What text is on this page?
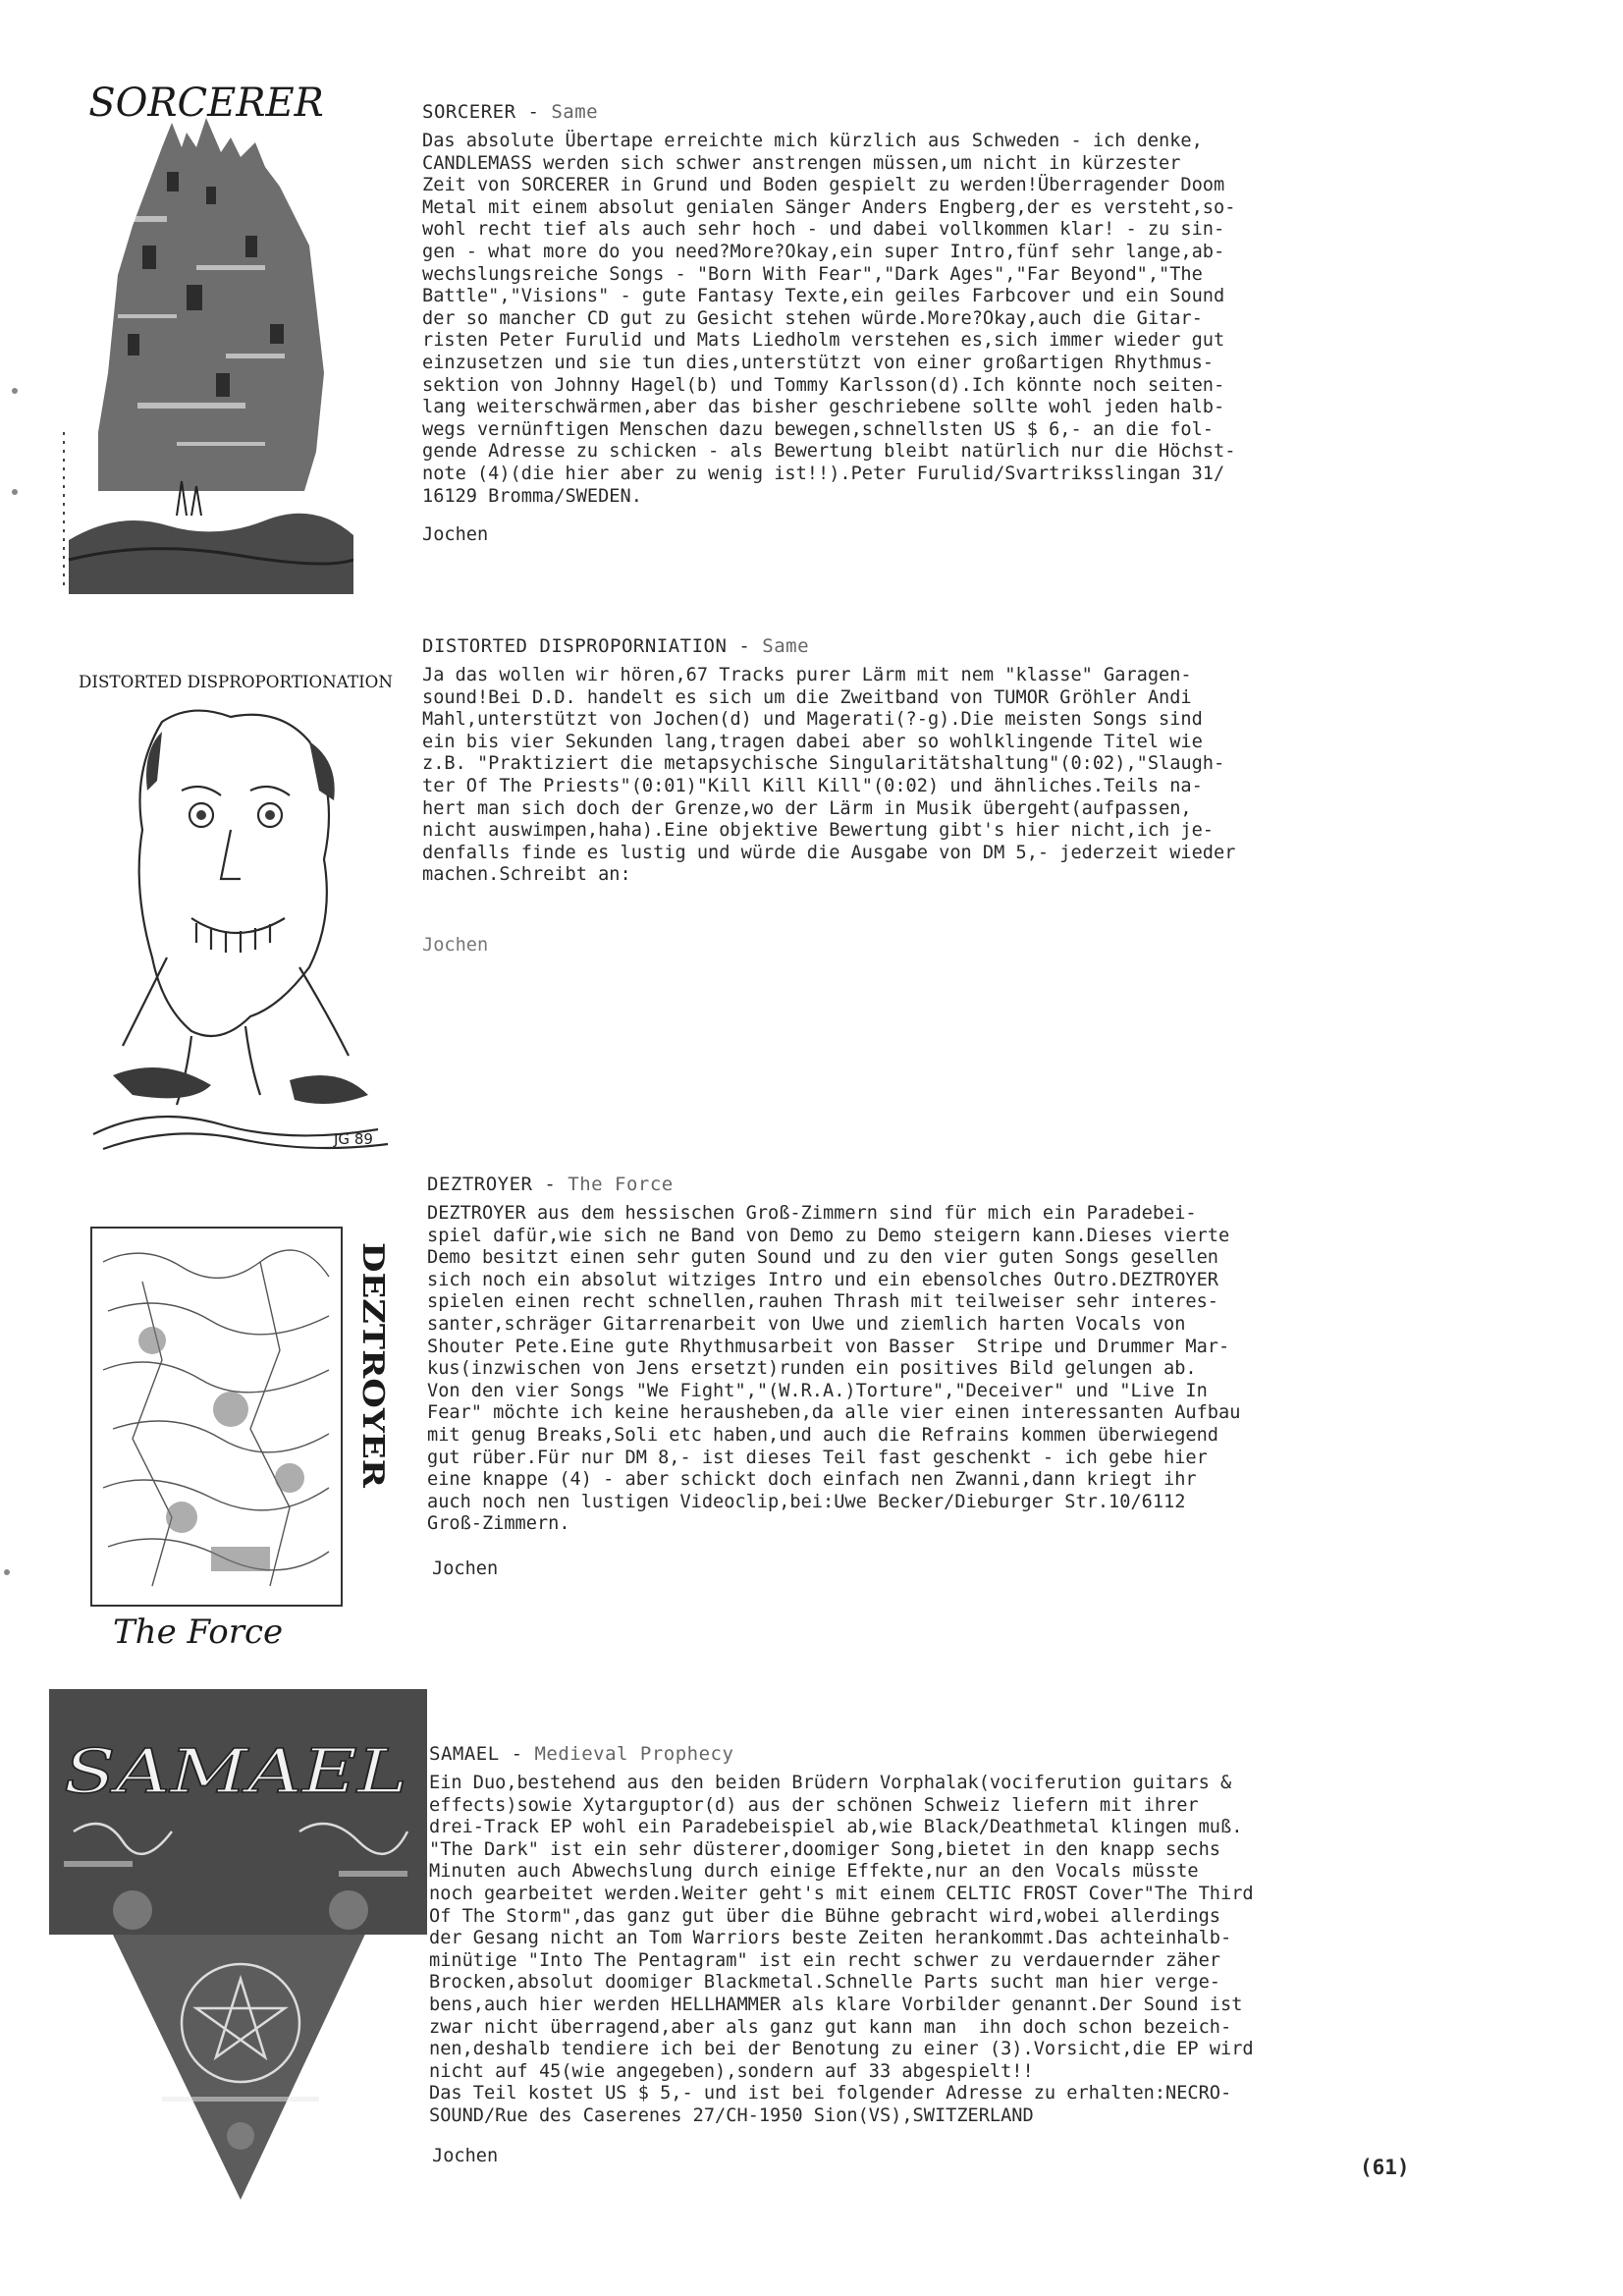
SORCERER	SORCERER - Same

Das absolute Übertape erreichte mich kürzlich aus Schweden - ich denke,
CANDLEMASS werden sich schwer anstrengen müssen,um nicht in kürzester
Zeit von SORCERER in Grund und Boden gespielt zu werden!Überragender Doom
Metal mit einem absolut genialen Sänger Anders Engberg,der es versteht,so-
wohl recht tief als auch sehr hoch - und dabei vollkommen klar! - zu sin-
gen - what more do you need?More?Okay,ein super Intro,fünf sehr lange,ab-
wechslungsreiche Songs - "Born With Fear","Dark Ages","Far Beyond","The
Battle","Visions" - gute Fantasy Texte,ein geiles Farbcover und ein Sound
der so mancher CD gut zu Gesicht stehen würde.More?Okay,auch die Gitar-
risten Peter Furulid und Mats Liedholm verstehen es,sich immer wieder gut
einzusetzen und sie tun dies,unterstützt von einer großartigen Rhythmus-
sektion von Johnny Hagel(b) und Tommy Karlsson(d).Ich könnte noch seiten-
lang weiterschwärmen,aber das bisher geschriebene sollte wohl jeden halb-
wegs vernünftigen Menschen dazu bewegen,schnellsten US $ 6,- an die fol-
gende Adresse zu schicken - als Bewertung bleibt natürlich nur die Höchst-
note (4)(die hier aber zu wenig ist!!).Peter Furulid/Svartriksslingan 31/
16129 Bromma/SWEDEN.
Jochen
DISTORTED DISPROPORTIONATION
JG 89

DISTORTED DISPROPORNIATION - Same

Ja das wollen wir hören,67 Tracks purer Lärm mit nem "klasse" Garagen-
sound!Bei D.D. handelt es sich um die Zweitband von TUMOR Gröhler Andi
Mahl,unterstützt von Jochen(d) und Magerati(?-g).Die meisten Songs sind
ein bis vier Sekunden lang,tragen dabei aber so wohlklingende Titel wie
z.B. "Praktiziert die metapsychische Singularitätshaltung"(0:02),"Slaugh-
ter Of The Priests"(0:01)"Kill Kill Kill"(0:02) und ähnliches.Teils na-
hert man sich doch der Grenze,wo der Lärm in Musik übergeht(aufpassen,
nicht auswimpen,haha).Eine objektive Bewertung gibt's hier nicht,ich je-
denfalls finde es lustig und würde die Ausgabe von DM 5,- jederzeit wieder
machen.Schreibt an:
Jochen
DEZTROYER
The Force

DEZTROYER - The Force

DEZTROYER aus dem hessischen Groß-Zimmern sind für mich ein Paradebei-
spiel dafür,wie sich ne Band von Demo zu Demo steigern kann.Dieses vierte
Demo besitzt einen sehr guten Sound und zu den vier guten Songs gesellen
sich noch ein absolut witziges Intro und ein ebensolches Outro.DEZTROYER
spielen einen recht schnellen,rauhen Thrash mit teilweiser sehr interes-
santer,schräger Gitarrenarbeit von Uwe und ziemlich harten Vocals von
Shouter Pete.Eine gute Rhythmusarbeit von Basser  Stripe und Drummer Mar-
kus(inzwischen von Jens ersetzt)runden ein positives Bild gelungen ab.
Von den vier Songs "We Fight","(W.R.A.)Torture","Deceiver" und "Live In
Fear" möchte ich keine herausheben,da alle vier einen interessanten Aufbau
mit genug Breaks,Soli etc haben,und auch die Refrains kommen überwiegend
gut rüber.Für nur DM 8,- ist dieses Teil fast geschenkt - ich gebe hier
eine knappe (4) - aber schickt doch einfach nen Zwanni,dann kriegt ihr
auch noch nen lustigen Videoclip,bei:Uwe Becker/Dieburger Str.10/6112
Groß-Zimmern.
Jochen
SAMAEL SAMAEL - Medieval Prophecy

Ein Duo,bestehend aus den beiden Brüdern Vorphalak(vociferution guitars &
effects)sowie Xytarguptor(d) aus der schönen Schweiz liefern mit ihrer
drei-Track EP wohl ein Paradebeispiel ab,wie Black/Deathmetal klingen muß.
"The Dark" ist ein sehr düsterer,doomiger Song,bietet in den knapp sechs
Minuten auch Abwechslung durch einige Effekte,nur an den Vocals müsste
noch gearbeitet werden.Weiter geht's mit einem CELTIC FROST Cover"The Third
Of The Storm",das ganz gut über die Bühne gebracht wird,wobei allerdings
der Gesang nicht an Tom Warriors beste Zeiten herankommt.Das achteinhalb-
minütige "Into The Pentagram" ist ein recht schwer zu verdauernder zäher
Brocken,absolut doomiger Blackmetal.Schnelle Parts sucht man hier verge-
bens,auch hier werden HELLHAMMER als klare Vorbilder genannt.Der Sound ist
zwar nicht überragend,aber als ganz gut kann man  ihn doch schon bezeich-
nen,deshalb tendiere ich bei der Benotung zu einer (3).Vorsicht,die EP wird
nicht auf 45(wie angegeben),sondern auf 33 abgespielt!!
Das Teil kostet US $ 5,- und ist bei folgender Adresse zu erhalten:NECRO-
SOUND/Rue des Caserenes 27/CH-1950 Sion(VS),SWITZERLAND
Jochen	(61)
